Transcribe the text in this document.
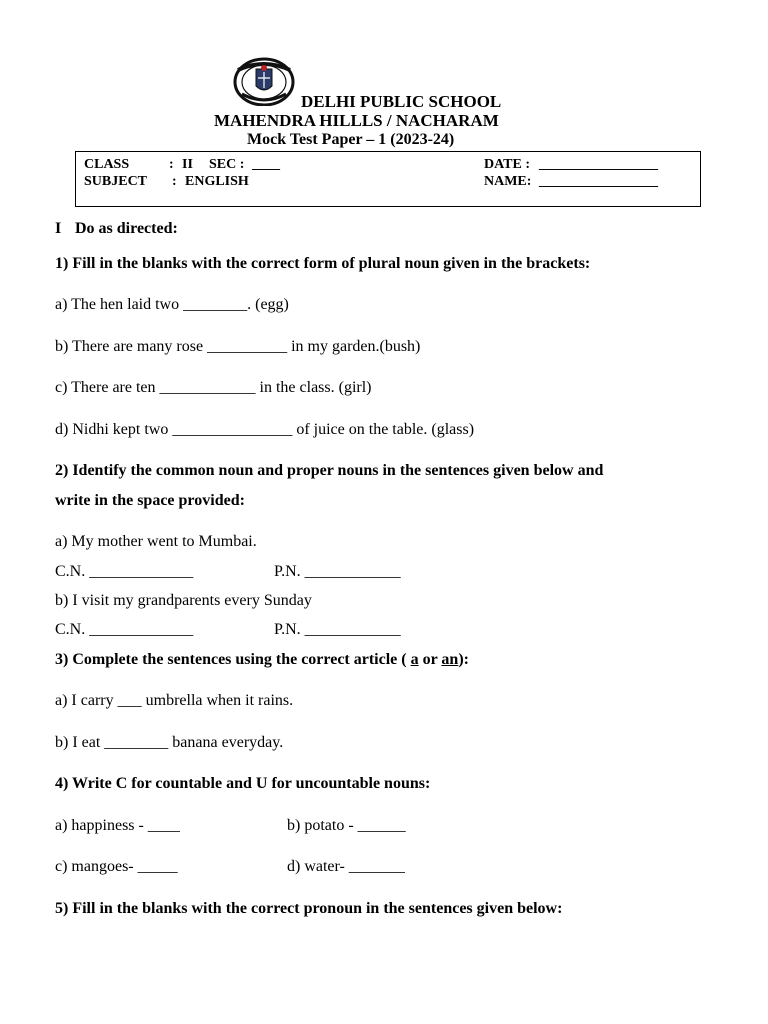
DELHI PUBLIC SCHOOL
MAHENDRA HILLLS / NACHARAM
Mock Test Paper – 1 (2023-24)
CLASS	: II SEC : ____
SUBJECT : ENGLISH
DATE : _________________
NAME: _________________
I Do as directed:
1) Fill in the blanks with the correct form of plural noun given in the brackets:
a) The hen laid two ________. (egg)
b) There are many rose __________ in my garden.(bush)
c) There are ten ____________ in the class. (girl)
d) Nidhi kept two _______________ of juice on the table. (glass)
2) Identify the common noun and proper nouns in the sentences given below and
write in the space provided:
a) My mother went to Mumbai.
C.N. _____________	P.N. ____________
b) I visit my grandparents every Sunday
C.N. _____________	P.N. ____________
3) Complete the sentences using the correct article ( a or an):
a) I carry ___ umbrella when it rains.
b) I eat ________ banana everyday.
4) Write C for countable and U for uncountable nouns:
a) happiness - ____	b) potato - ______
c) mangoes- _____	d) water- _______
5) Fill in the blanks with the correct pronoun in the sentences given below:
